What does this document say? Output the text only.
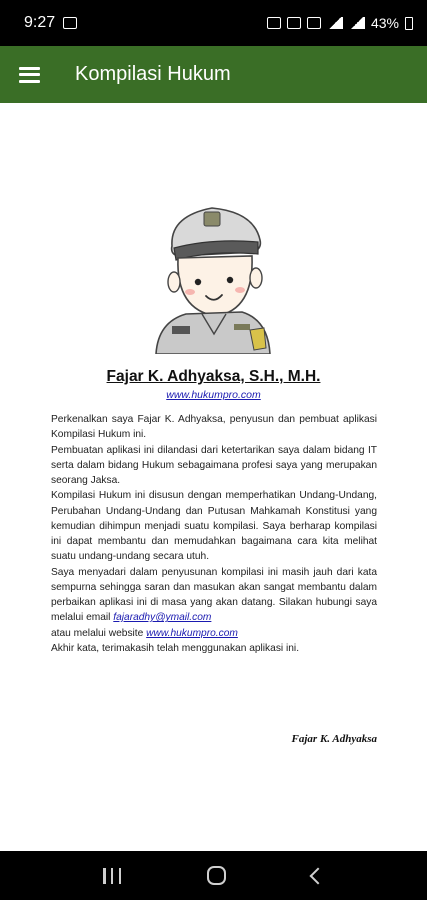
9:27	43%
Kompilasi Hukum
Fajar K. Adhyaksa, S.H., M.H.
www.hukumpro.com

Perkenalkan saya Fajar K. Adhyaksa, penyusun dan pembuat aplikasi Kompilasi Hukum ini.

Pembuatan aplikasi ini dilandasi dari ketertarikan saya dalam bidang IT serta dalam bidang Hukum sebagaimana profesi saya yang merupakan seorang Jaksa.

Kompilasi Hukum ini disusun dengan memperhatikan Undang-Undang, Perubahan Undang-Undang dan Putusan Mahkamah Konstitusi yang kemudian dihimpun menjadi suatu kompilasi. Saya berharap kompilasi ini dapat membantu dan memudahkan bagaimana cara kita melihat suatu undang-undang secara utuh.

Saya menyadari dalam penyusunan kompilasi ini masih jauh dari kata sempurna sehingga saran dan masukan akan sangat membantu dalam perbaikan aplikasi ini di masa yang akan datang. Silakan hubungi saya melalui email fajaradhy@ymail.com

atau melalui website www.hukumpro.com

Akhir kata, terimakasih telah menggunakan aplikasi ini.

Fajar K. Adhyaksa
